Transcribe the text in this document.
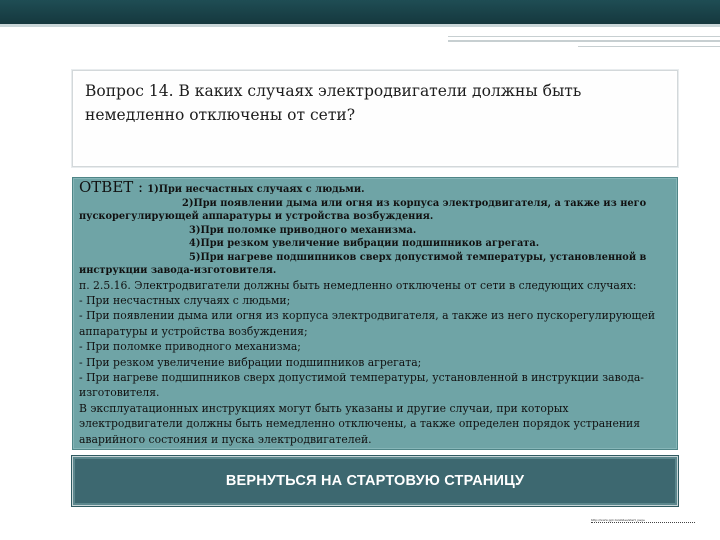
Вопрос 14. В каких случаях электродвигатели должны быть немедленно отключены от сети?
ОТВЕТ : 1)При несчастных случаях с людьми.
2)При появлении дыма или огня из корпуса электродвигателя, а также из него
пускорегулирующей аппаратуры и устройства возбуждения.
3)При поломке приводного механизма.
4)При резком увеличение вибрации подшипников агрегата.
5)При нагреве подшипников сверх допустимой температуры, установленной в
инструкции завода-изготовителя.

п. 2.5.16. Электродвигатели должны быть немедленно отключены от сети в следующих случаях:

- При несчастных случаях с людьми;

- При появлении дыма или огня из корпуса электродвигателя, а также из него пускорегулирующей аппаратуры и устройства возбуждения;

- При поломке приводного механизма;

- При резком увеличение вибрации подшипников агрегата;

- При нагреве подшипников сверх допустимой температуры, установленной в инструкции завода-изготовителя.

В эксплуатационных инструкциях могут быть указаны и другие случаи, при которых электродвигатели должны быть немедленно отключены, а также определен порядок устранения аварийного состояния и пуска электродвигателей.

ВЕРНУТЬСЯ НА СТАРТОВУЮ СТРАНИЦУ
http://www.ppt.ru/slides/start_page
